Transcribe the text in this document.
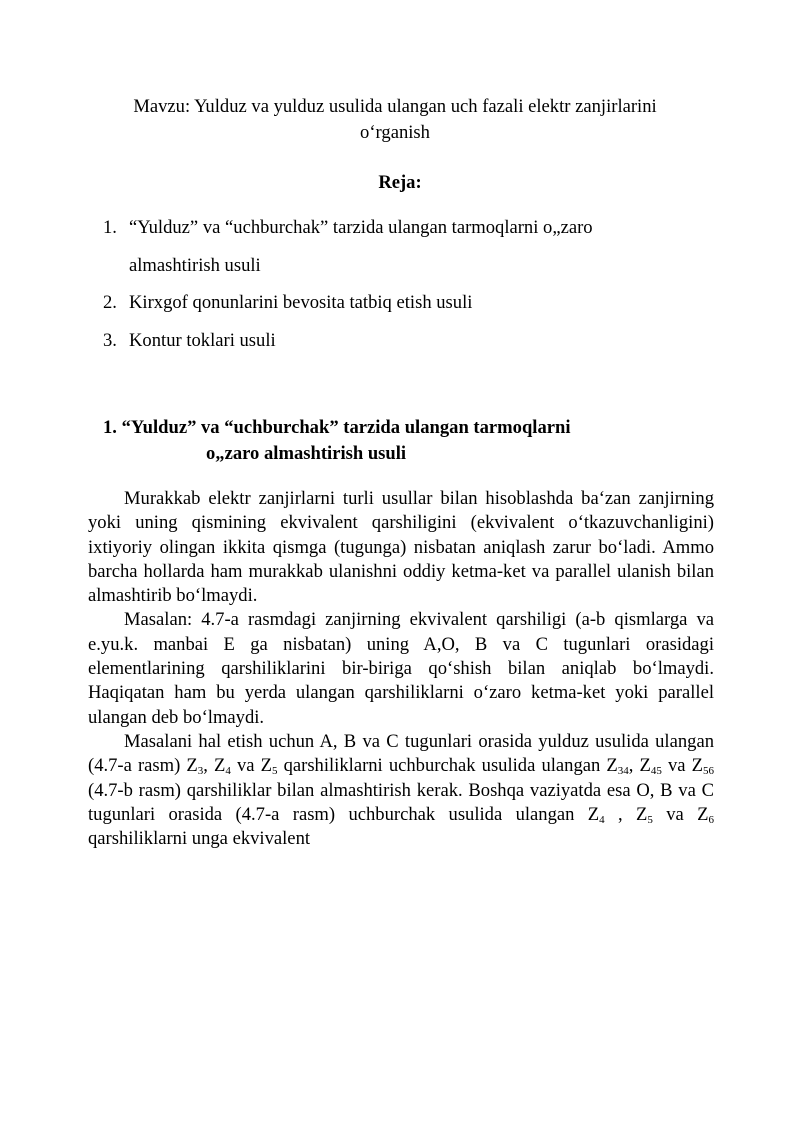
Mavzu: Yulduz va yulduz usulida ulangan uch fazali elektr zanjirlarini
o‘rganish
Reja:
1. “Yulduz” va “uchburchak” tarzida ulangan tarmoqlarni o„zaro
almashtirish usuli
2. Kirxgof qonunlarini bevosita tatbiq etish usuli
3. Kontur toklari usuli
1. “Yulduz” va “uchburchak” tarzida ulangan tarmoqlarni
o„zaro almashtirish usuli

Murakkab elektr zanjirlarni turli usullar bilan hisoblashda ba‘zan zanjirning yoki uning qismining ekvivalent qarshiligini (ekvivalent o‘tkazuvchanligini) ixtiyoriy olingan ikkita qismga (tugunga) nisbatan aniqlash zarur bo‘ladi. Ammo barcha hollarda ham murakkab ulanishni oddiy ketma-ket va parallel ulanish bilan almashtirib bo‘lmaydi.

Masalan: 4.7-a rasmdagi zanjirning ekvivalent qarshiligi (a-b qismlarga va e.yu.k. manbai E ga nisbatan) uning A,O, B va C tugunlari orasidagi elementlarining qarshiliklarini bir-biriga qo‘shish bilan aniqlab bo‘lmaydi. Haqiqatan ham bu yerda ulangan qarshiliklarni o‘zaro ketma-ket yoki parallel ulangan deb bo‘lmaydi.

Masalani hal etish uchun A, B va C tugunlari orasida yulduz usulida ulangan (4.7-a rasm) $Z_3$, $Z_4$ va $Z_5$ qarshiliklarni uchburchak usulida ulangan $Z_{34}$, $Z_{45}$ va $Z_{56}$ (4.7-b rasm) qarshiliklar bilan almashtirish kerak. Boshqa vaziyatda esa O, B va C tugunlari orasida (4.7-a rasm) uchburchak usulida ulangan $Z_4$ , $Z_5$ va $Z_6$ qarshiliklarni unga ekvivalent
